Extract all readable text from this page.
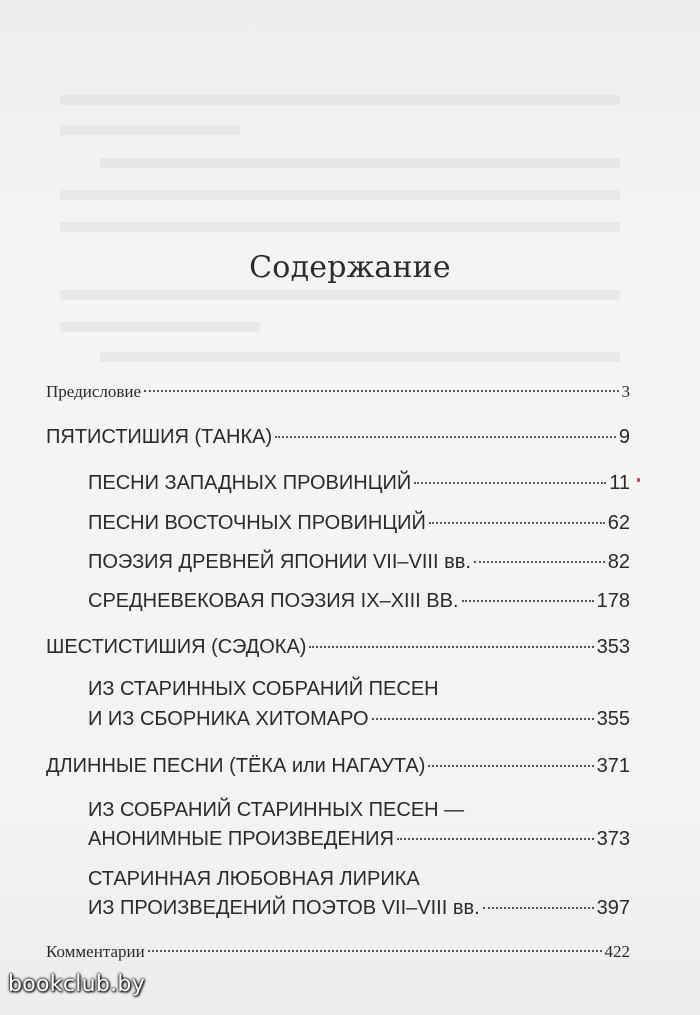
Содержание
Предисловие	3
ПЯТИСТИШИЯ (ТАНКА)	9
ПЕСНИ ЗАПАДНЫХ ПРОВИНЦИЙ	11
ПЕСНИ ВОСТОЧНЫХ ПРОВИНЦИЙ	62
ПОЭЗИЯ ДРЕВНЕЙ ЯПОНИИ VII–VIII вв.	82
СРЕДНЕВЕКОВАЯ ПОЭЗИЯ IX–XIII ВВ.	178
ШЕСТИСТИШИЯ (СЭДОКА)	353
ИЗ СТАРИННЫХ СОБРАНИЙ ПЕСЕН
И ИЗ СБОРНИКА ХИТОМАРО	355
ДЛИННЫЕ ПЕСНИ (ТЁКА или НАГАУТА)	371
ИЗ СОБРАНИЙ СТАРИННЫХ ПЕСЕН —
АНОНИМНЫЕ ПРОИЗВЕДЕНИЯ	373
СТАРИННАЯ ЛЮБОВНАЯ ЛИРИКА
ИЗ ПРОИЗВЕДЕНИЙ ПОЭТОВ VII–VIII вв.	397
Комментарии	422
bookclub.by
